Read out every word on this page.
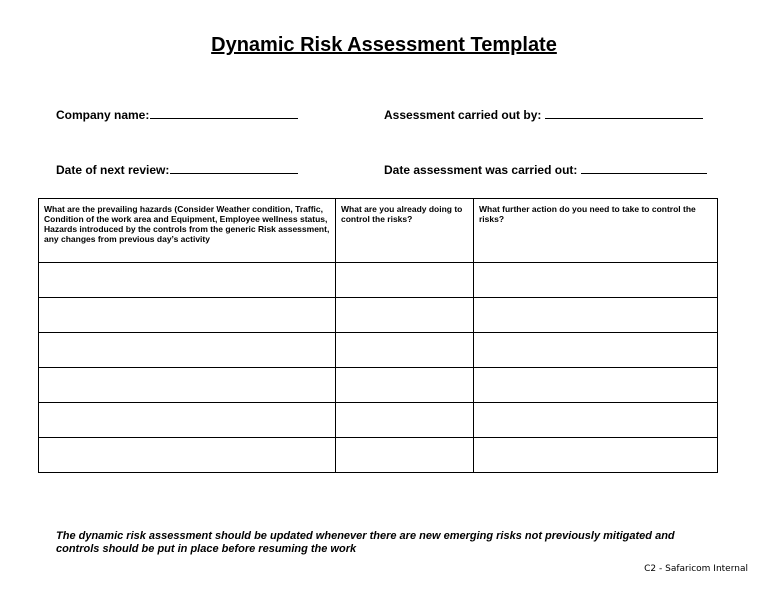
Dynamic Risk Assessment Template
Company name:	Assessment carried out by:
Date of next review:	Date assessment was carried out:
What are the prevailing hazards (Consider Weather condition, Traffic, Condition of the work area and Equipment, Employee wellness status, Hazards introduced by the controls from the generic Risk assessment, any changes from previous day’s activity	What are you already doing to control the risks?	What further action do you need to take to control the risks?

The dynamic risk assessment should be updated whenever there are new emerging risks not previously mitigated and controls should be put in place before resuming the work
C2 - Safaricom Internal
